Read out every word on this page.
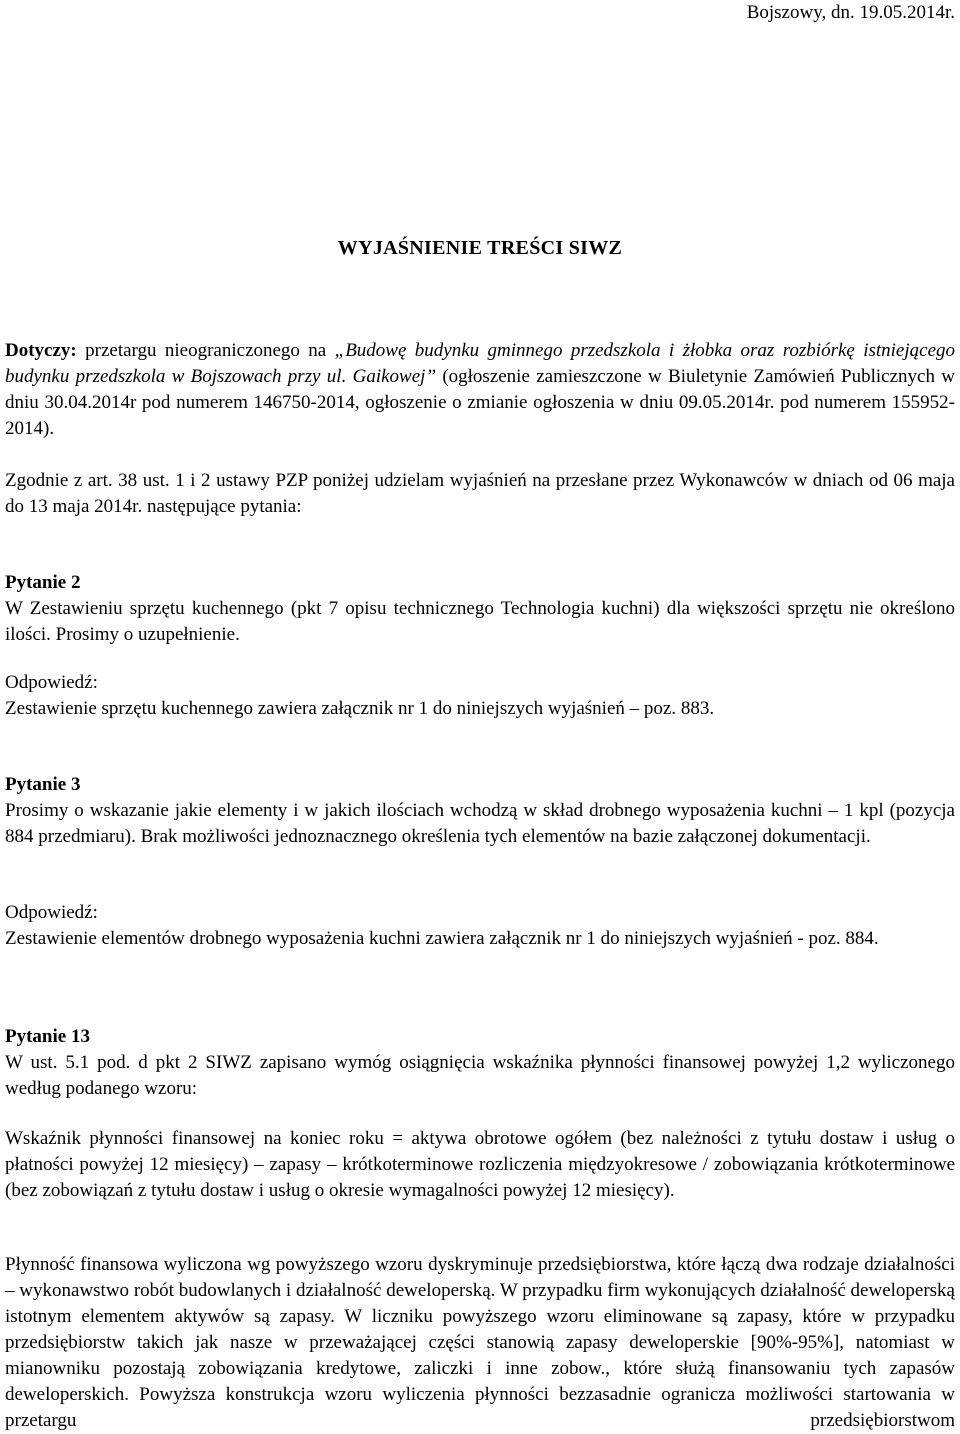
Bojszowy, dn. 19.05.2014r.
WYJAŚNIENIE TREŚCI SIWZ

Dotyczy: przetargu nieograniczonego na „Budowę budynku gminnego przedszkola i żłobka oraz rozbiórkę istniejącego budynku przedszkola w Bojszowach przy ul. Gaikowej” (ogłoszenie zamieszczone w Biuletynie Zamówień Publicznych w dniu 30.04.2014r pod numerem 146750-2014, ogłoszenie o zmianie ogłoszenia w dniu 09.05.2014r. pod numerem 155952-2014).

Zgodnie z art. 38 ust. 1 i 2 ustawy PZP poniżej udzielam wyjaśnień na przesłane przez Wykonawców w dniach od 06 maja do 13 maja 2014r. następujące pytania:

Pytanie 2

W Zestawieniu sprzętu kuchennego (pkt 7 opisu technicznego Technologia kuchni) dla większości sprzętu nie określono ilości. Prosimy o uzupełnienie.

Odpowiedź:

Zestawienie sprzętu kuchennego zawiera załącznik nr 1 do niniejszych wyjaśnień – poz. 883.

Pytanie 3

Prosimy o wskazanie jakie elementy i w jakich ilościach wchodzą w skład drobnego wyposażenia kuchni – 1 kpl (pozycja 884 przedmiaru). Brak możliwości jednoznacznego określenia tych elementów na bazie załączonej dokumentacji.

Odpowiedź:

Zestawienie elementów drobnego wyposażenia kuchni zawiera załącznik nr 1 do niniejszych wyjaśnień - poz. 884.

Pytanie 13

W ust. 5.1 pod. d pkt 2 SIWZ zapisano wymóg osiągnięcia wskaźnika płynności finansowej powyżej 1,2 wyliczonego według podanego wzoru:

Wskaźnik płynności finansowej na koniec roku = aktywa obrotowe ogółem (bez należności z tytułu dostaw i usług o płatności powyżej 12 miesięcy) – zapasy – krótkoterminowe rozliczenia międzyokresowe / zobowiązania krótkoterminowe (bez zobowiązań z tytułu dostaw i usług o okresie wymagalności powyżej 12 miesięcy).

Płynność finansowa wyliczona wg powyższego wzoru dyskryminuje przedsiębiorstwa, które łączą dwa rodzaje działalności – wykonawstwo robót budowlanych i działalność deweloperską. W przypadku firm wykonujących działalność deweloperską istotnym elementem aktywów są zapasy. W liczniku powyższego wzoru eliminowane są zapasy, które w przypadku przedsiębiorstw takich jak nasze w przeważającej części stanowią zapasy deweloperskie [90%-95%], natomiast w mianowniku pozostają zobowiązania kredytowe, zaliczki i inne zobow., które służą finansowaniu tych zapasów deweloperskich. Powyższa konstrukcja wzoru wyliczenia płynności bezzasadnie ogranicza możliwości startowania w przetargu przedsiębiorstwom
